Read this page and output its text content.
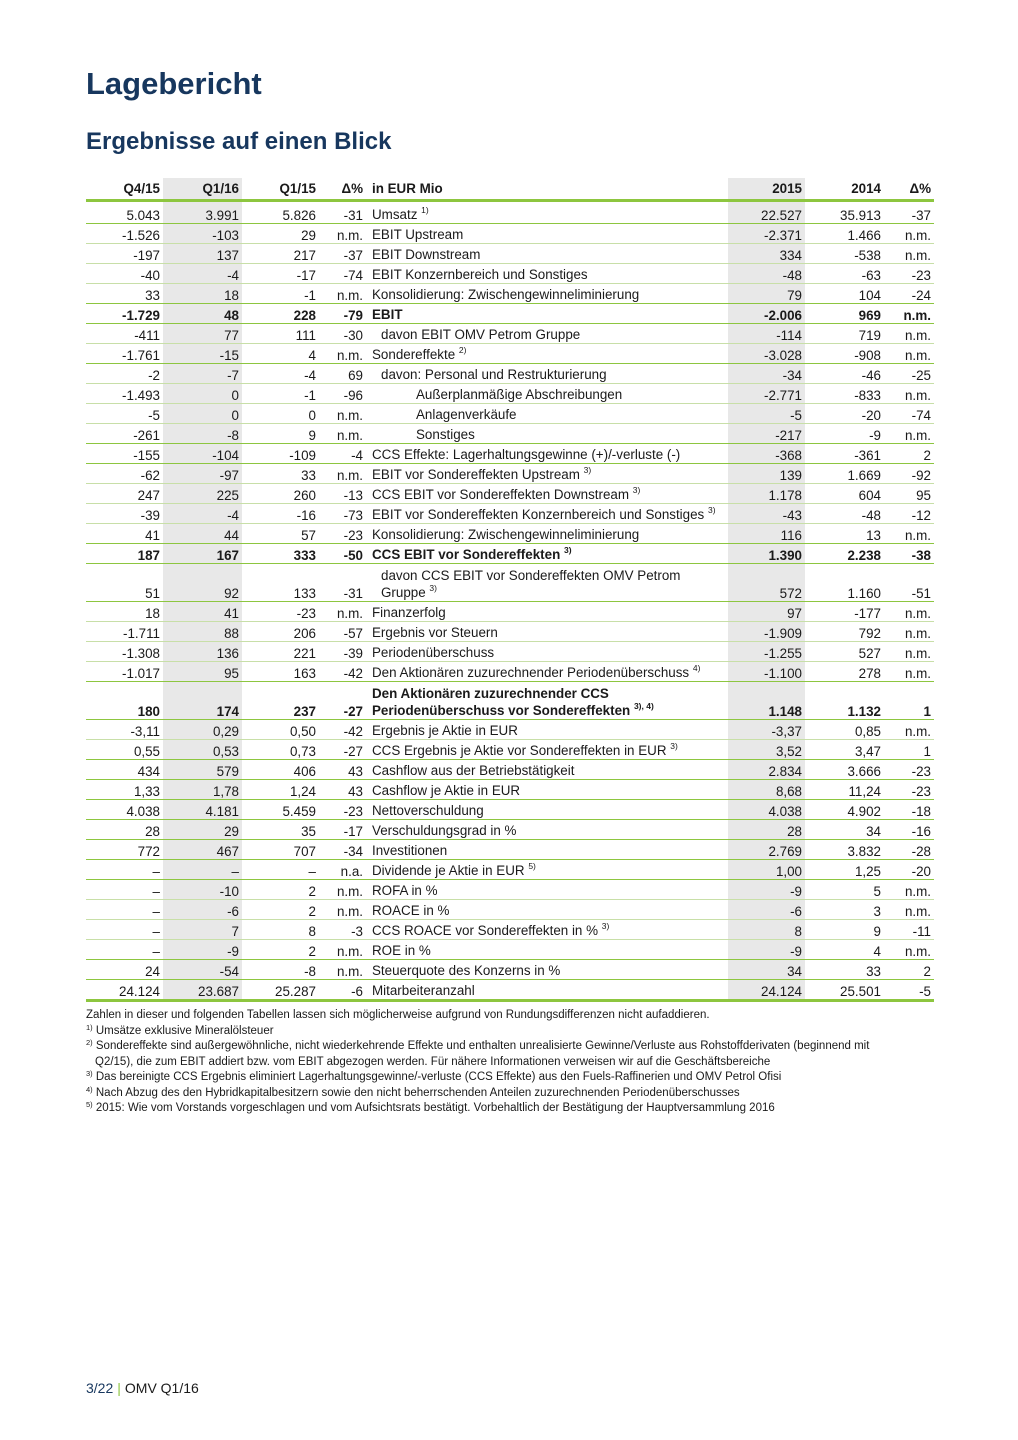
Lagebericht
Ergebnisse auf einen Blick
Q4/15	Q1/16	Q1/15	Δ%	in EUR Mio	2015	2014	Δ%
5.043	3.991	5.826	-31	Umsatz $^{1)}$	22.527	35.913	-37
-1.526	-103	29	n.m.	EBIT Upstream	-2.371	1.466	n.m.
-197	137	217	-37	EBIT Downstream	334	-538	n.m.
-40	-4	-17	-74	EBIT Konzernbereich und Sonstiges	-48	-63	-23
33	18	-1	n.m.	Konsolidierung: Zwischengewinneliminierung	79	104	-24
-1.729	48	228	-79	EBIT	-2.006	969	n.m.
-411	77	111	-30	davon EBIT OMV Petrom Gruppe	-114	719	n.m.
-1.761	-15	4	n.m.	Sondereffekte $^{2)}$	-3.028	-908	n.m.
-2	-7	-4	69	davon: Personal und Restrukturierung	-34	-46	-25
-1.493	0	-1	-96	Außerplanmäßige Abschreibungen	-2.771	-833	n.m.
-5	0	0	n.m.	Anlagenverkäufe	-5	-20	-74
-261	-8	9	n.m.	Sonstiges	-217	-9	n.m.
-155	-104	-109	-4	CCS Effekte: Lagerhaltungsgewinne (+)/-verluste (-)	-368	-361	2
-62	-97	33	n.m.	EBIT vor Sondereffekten Upstream $^{3)}$	139	1.669	-92
247	225	260	-13	CCS EBIT vor Sondereffekten Downstream $^{3)}$	1.178	604	95
-39	-4	-16	-73	EBIT vor Sondereffekten Konzernbereich und Sonstiges $^{3)}$	-43	-48	-12
41	44	57	-23	Konsolidierung: Zwischengewinneliminierung	116	13	n.m.
187	167	333	-50	CCS EBIT vor Sondereffekten $^{3)}$	1.390	2.238	-38
51	92	133	-31	davon CCS EBIT vor Sondereffekten OMV Petrom Gruppe $^{3)}$	572	1.160	-51
18	41	-23	n.m.	Finanzerfolg	97	-177	n.m.
-1.711	88	206	-57	Ergebnis vor Steuern	-1.909	792	n.m.
-1.308	136	221	-39	Periodenüberschuss	-1.255	527	n.m.
-1.017	95	163	-42	Den Aktionären zuzurechnender Periodenüberschuss $^{4)}$	-1.100	278	n.m.
180	174	237	-27	Den Aktionären zuzurechnender CCS Periodenüberschuss vor Sondereffekten $^{3), 4)}$	1.148	1.132	1
-3,11	0,29	0,50	-42	Ergebnis je Aktie in EUR	-3,37	0,85	n.m.
0,55	0,53	0,73	-27	CCS Ergebnis je Aktie vor Sondereffekten in EUR $^{3)}$	3,52	3,47	1
434	579	406	43	Cashflow aus der Betriebstätigkeit	2.834	3.666	-23
1,33	1,78	1,24	43	Cashflow je Aktie in EUR	8,68	11,24	-23
4.038	4.181	5.459	-23	Nettoverschuldung	4.038	4.902	-18
28	29	35	-17	Verschuldungsgrad in %	28	34	-16
772	467	707	-34	Investitionen	2.769	3.832	-28
–	–	–	n.a.	Dividende je Aktie in EUR $^{5)}$	1,00	1,25	-20
–	-10	2	n.m.	ROFA in %	-9	5	n.m.
–	-6	2	n.m.	ROACE in %	-6	3	n.m.
–	7	8	-3	CCS ROACE vor Sondereffekten in % $^{3)}$	8	9	-11
–	-9	2	n.m.	ROE in %	-9	4	n.m.
24	-54	-8	n.m.	Steuerquote des Konzerns in %	34	33	2
24.124	23.687	25.287	-6	Mitarbeiteranzahl	24.124	25.501	-5

Zahlen in dieser und folgenden Tabellen lassen sich möglicherweise aufgrund von Rundungsdifferenzen nicht aufaddieren.

$^{1)}$ Umsätze exklusive Mineralölsteuer

$^{2)}$ Sondereffekte sind außergewöhnliche, nicht wiederkehrende Effekte und enthalten unrealisierte Gewinne/Verluste aus Rohstoffderivaten (beginnend mit

Q2/15), die zum EBIT addiert bzw. vom EBIT abgezogen werden. Für nähere Informationen verweisen wir auf die Geschäftsbereiche

$^{3)}$ Das bereinigte CCS Ergebnis eliminiert Lagerhaltungsgewinne/-verluste (CCS Effekte) aus den Fuels-Raffinerien und OMV Petrol Ofisi

$^{4)}$ Nach Abzug des den Hybridkapitalbesitzern sowie den nicht beherrschenden Anteilen zuzurechnenden Periodenüberschusses

$^{5)}$ 2015: Wie vom Vorstands vorgeschlagen und vom Aufsichtsrats bestätigt. Vorbehaltlich der Bestätigung der Hauptversammlung 2016

3/22 | OMV Q1/16
